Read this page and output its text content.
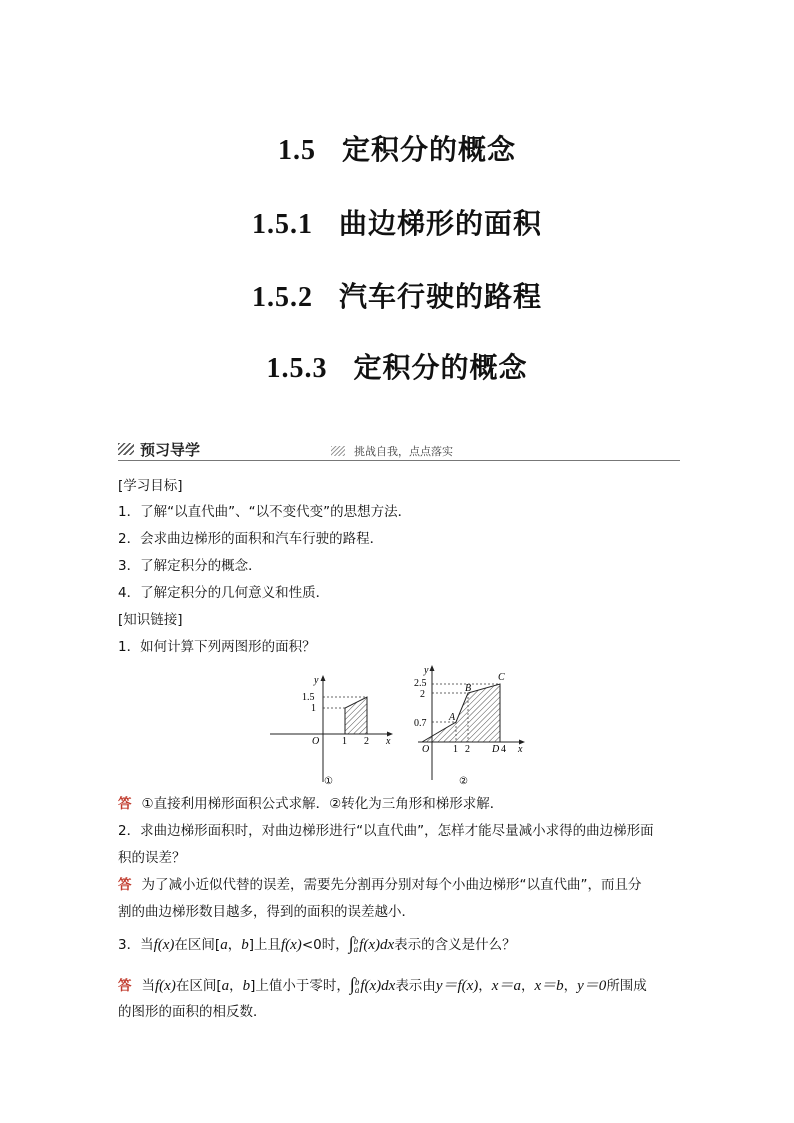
1.5 定积分的概念
1.5.1 曲边梯形的面积
1.5.2 汽车行驶的路程
1.5.3 定积分的概念
预习导学	挑战自我，点点落实
[学习目标]
1．了解“以直代曲”、“以不变代变”的思想方法．
2．会求曲边梯形的面积和汽车行驶的路程．
3．了解定积分的概念．
4．了解定积分的几何意义和性质．
[知识链接]
1．如何计算下列两图形的面积？
y
1.5
1
O 1 2 x
①
y
2.5
2
0.7
A
B
C
O 1 2 D 4 x
②
答 ①直接利用梯形面积公式求解．②转化为三角形和梯形求解．
2．求曲边梯形面积时，对曲边梯形进行“以直代曲”，怎样才能尽量减小求得的曲边梯形面
积的误差？
答 为了减小近似代替的误差，需要先分割再分别对每个小曲边梯形“以直代曲”，而且分
割的曲边梯形数目越多，得到的面积的误差越小．
3．当f(x)在区间[a，b]上且f(x)<0时，∫ b
a f(x)dx表示的含义是什么？
答 当f(x)在区间[a，b]上值小于零时，∫ b
a f(x)dx表示由y＝f(x)，x＝a，x＝b，y＝0所围成
的图形的面积的相反数．
